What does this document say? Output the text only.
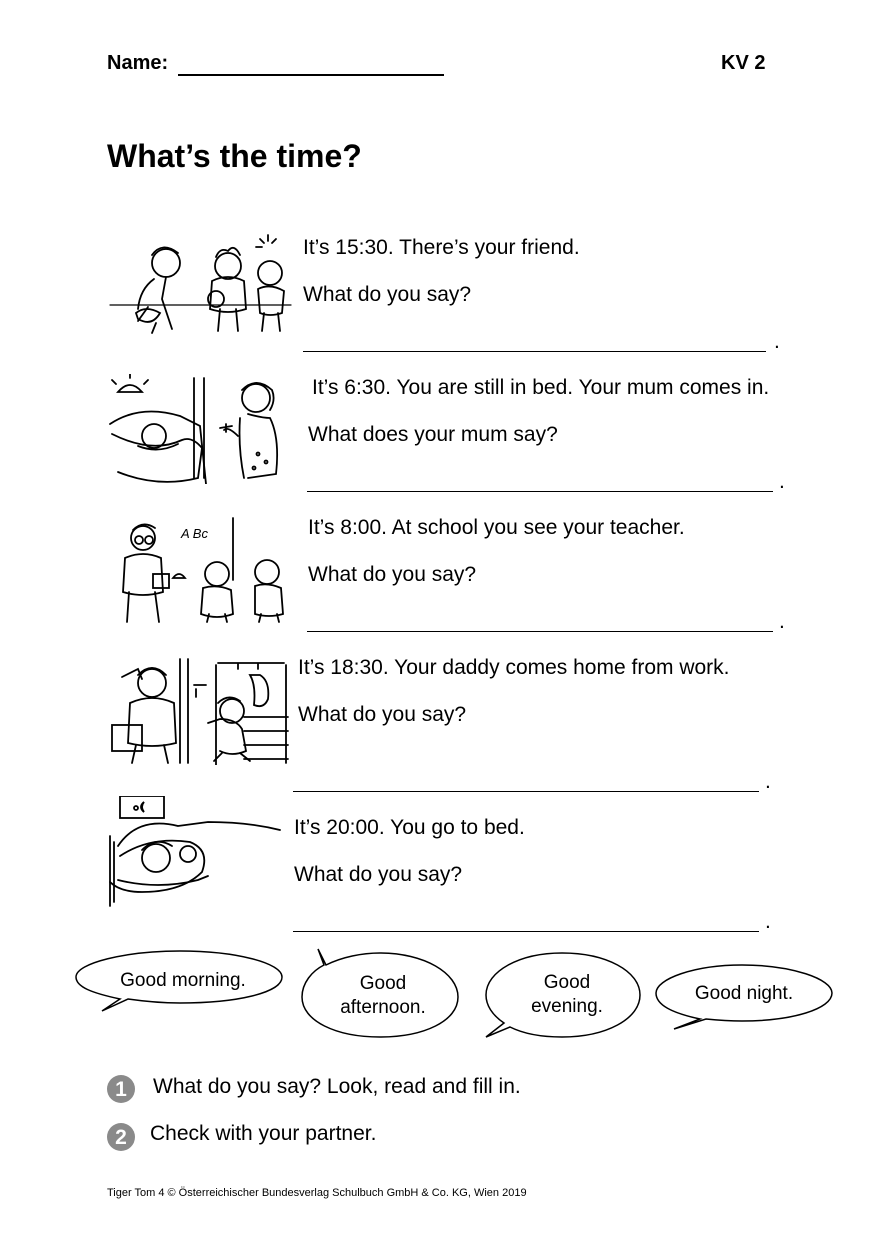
Name:	KV 2
What’s the time?
A Bc
It’s 15:30. There’s your friend.
What do you say?
.
It’s 6:30. You are still in bed. Your mum comes in.
What does your mum say?
.
It’s 8:00. At school you see your teacher.
What do you say?
.
It’s 18:30. Your daddy comes home from work.
What do you say?
.
It’s 20:00. You go to bed.
What do you say?
.
Good morning.	Good
afternoon.
Good
evening.
Good night.
1	What do you say? Look, read and fill in.
2	Check with your partner.
Tiger Tom 4 © Österreichischer Bundesverlag Schulbuch GmbH & Co. KG, Wien 2019
